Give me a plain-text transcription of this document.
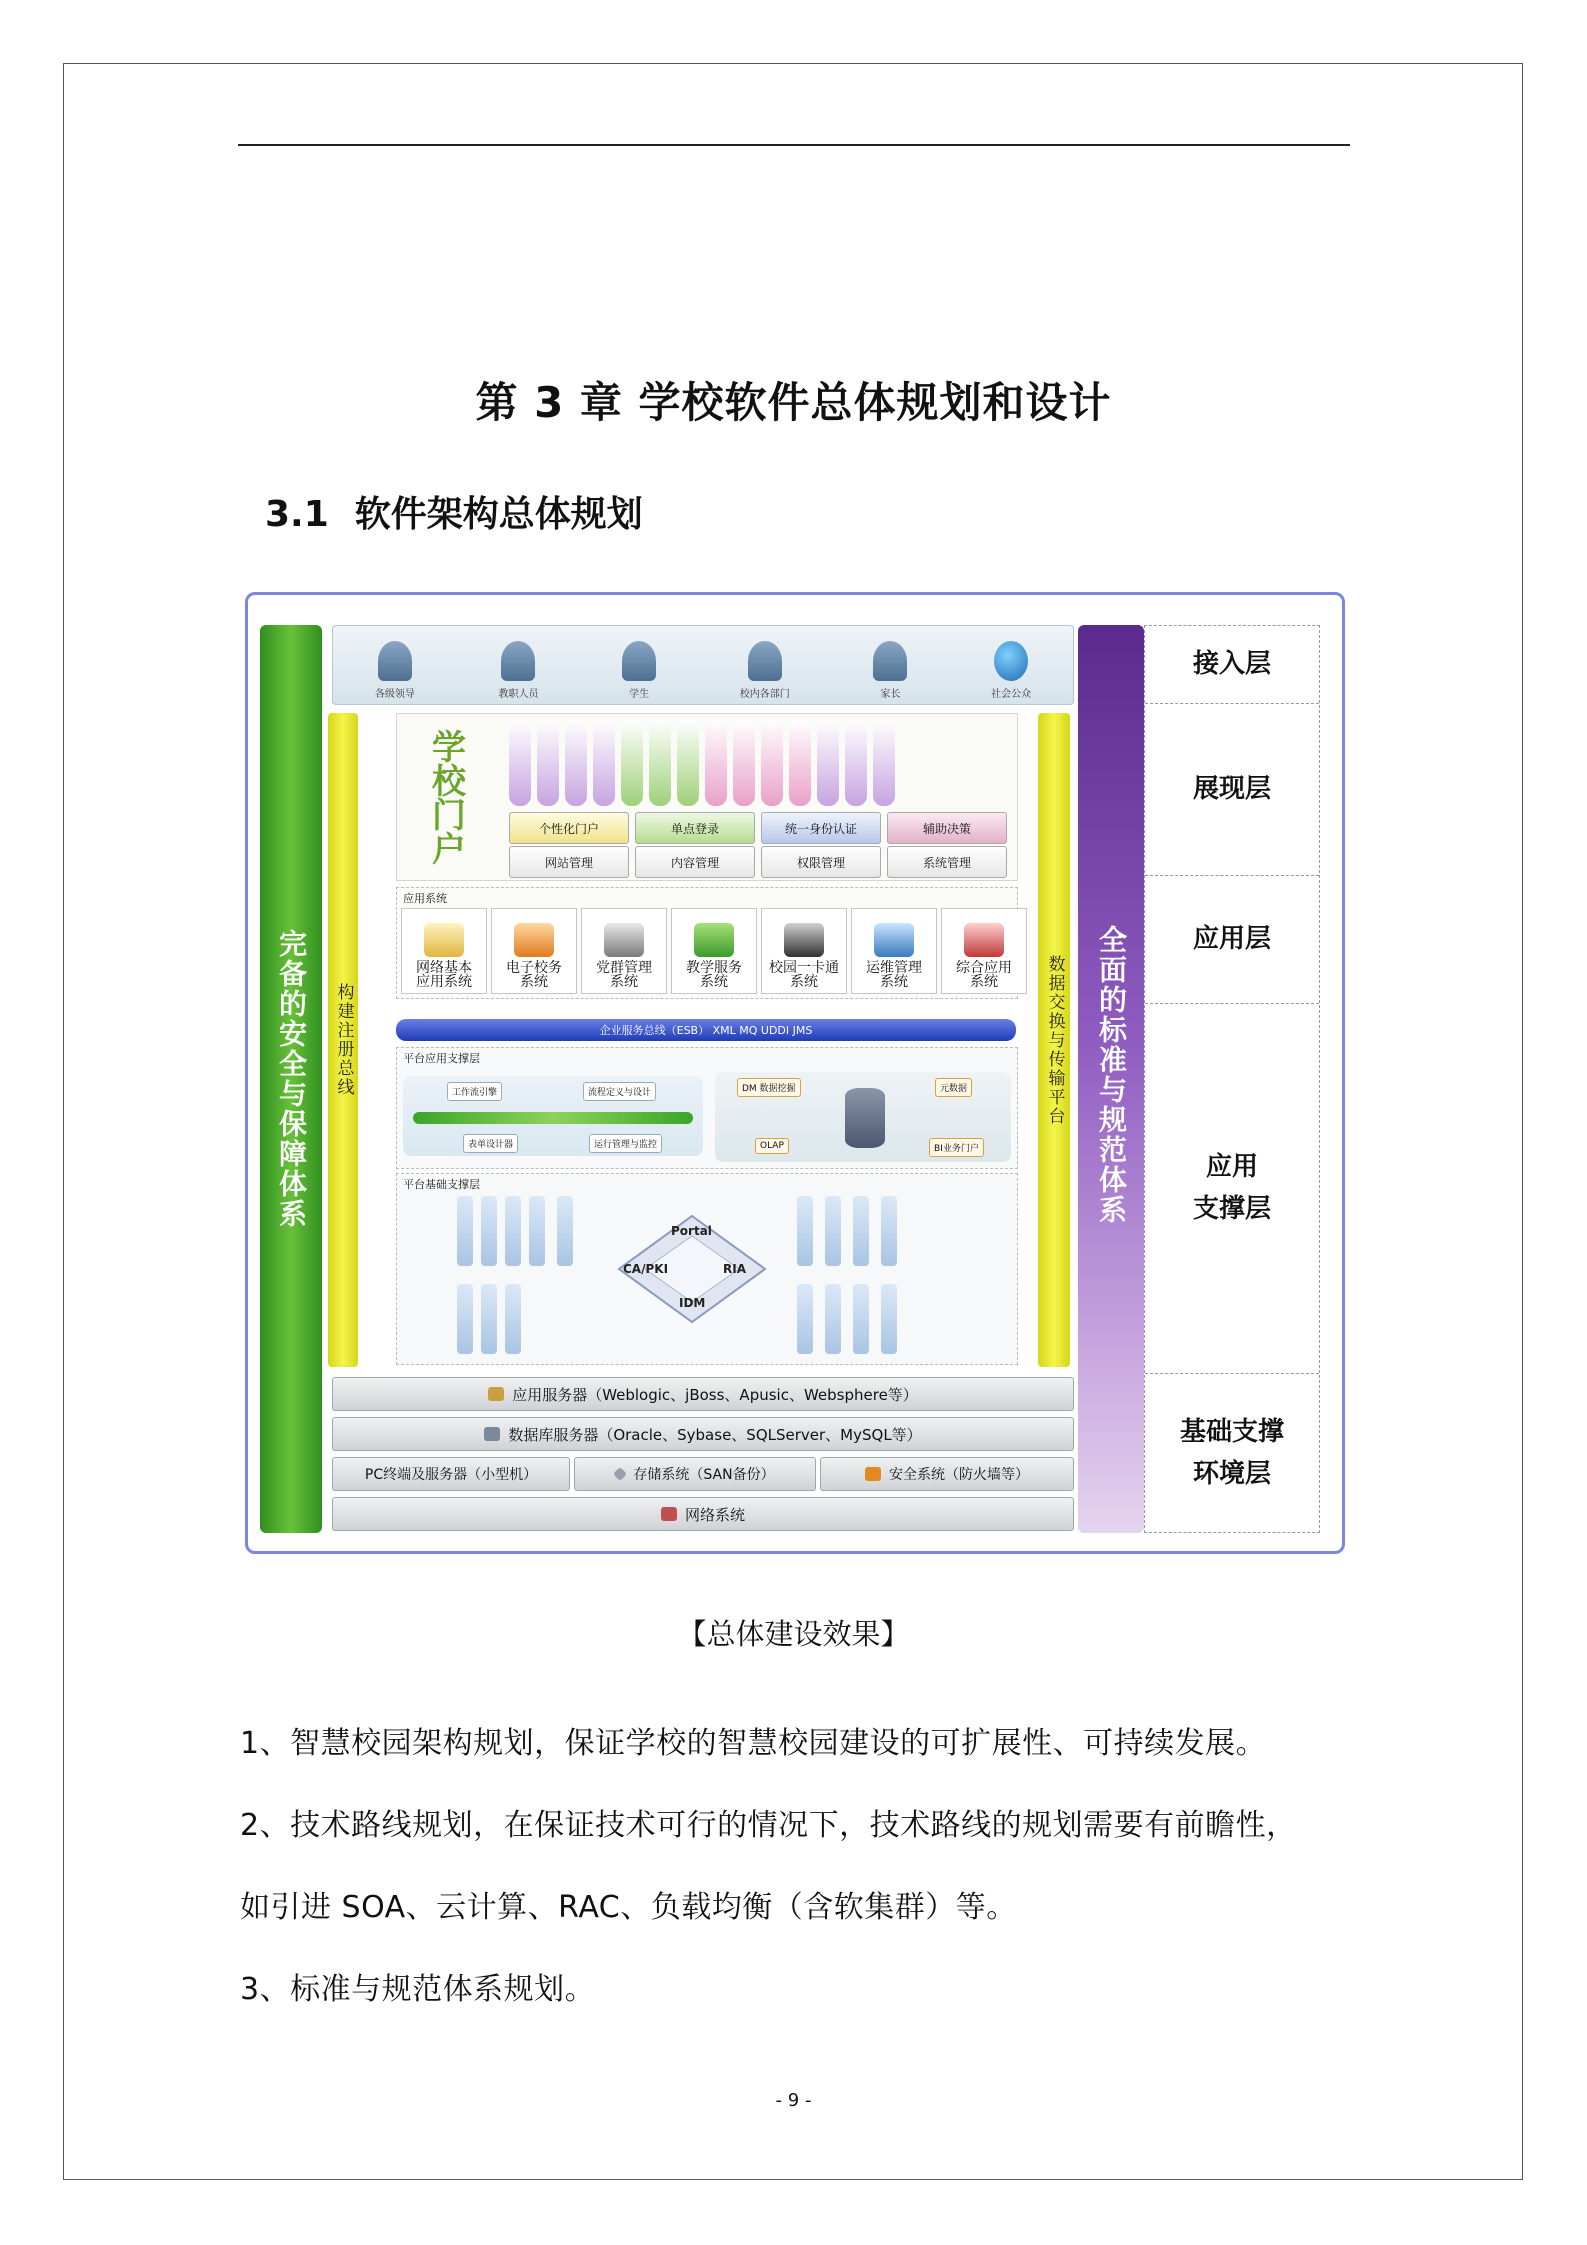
第 3 章 学校软件总体规划和设计
3.1 软件架构总体规划
完备的安全与保障体系
各级领导	教职人员	学生	校内各部门	家长	社会公众
构建注册总线
学校门户	个性化门户	单点登录	统一身份认证	辅助决策
网站管理	内容管理	权限管理	系统管理
应用系统
网络基本
应用系统
电子校务
系统
党群管理
系统
教学服务
系统
校园一卡通
系统
运维管理
系统
综合应用
系统
企业服务总线（ESB） XML MQ UDDI JMS
平台应用支撑层
工作流引擎	流程定义与设计
表单设计器	运行管理与监控
DM 数据挖掘	元数据
OLAP	BI业务门户
平台基础支撑层
Portal
CA/PKI	RIA
IDM
数据交换与传输平台
应用服务器（Weblogic、jBoss、Apusic、Websphere等）
数据库服务器（Oracle、Sybase、SQLServer、MySQL等）
PC终端及服务器（小型机）	存储系统（SAN备份）	安全系统（防火墙等）
网络系统
全面的标准与规范体系
接入层
展现层
应用层
应用
支撑层
基础支撑
环境层
【总体建设效果】
1、智慧校园架构规划，保证学校的智慧校园建设的可扩展性、可持续发展。
2、技术路线规划，在保证技术可行的情况下，技术路线的规划需要有前瞻性，
如引进 SOA、云计算、RAC、负载均衡（含软集群）等。
3、标准与规范体系规划。
- 9 -
